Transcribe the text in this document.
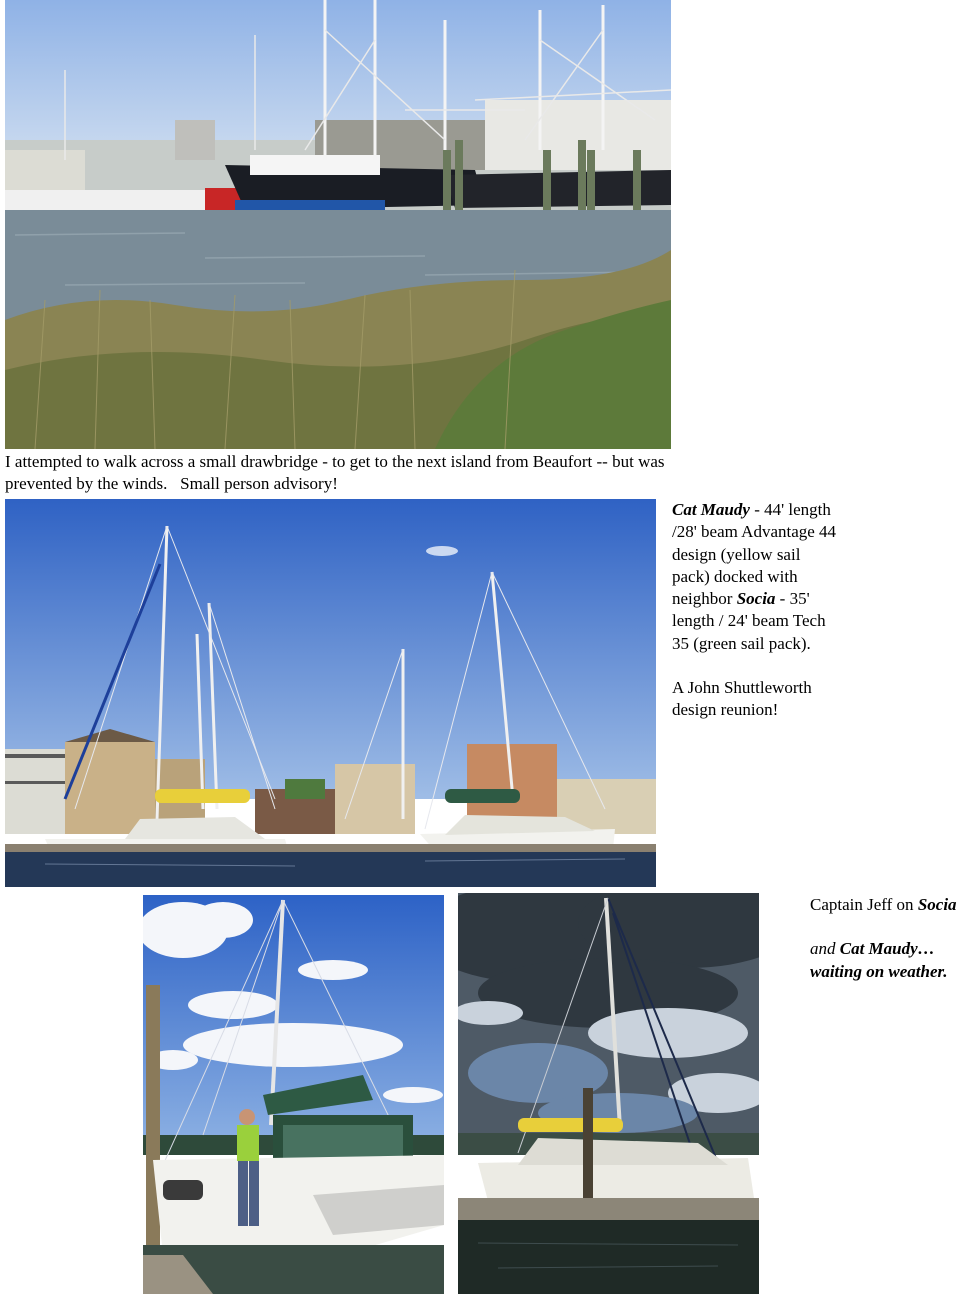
I attempted to walk across a small drawbridge - to get to the next island from Beaufort -- but was
prevented by the winds.   Small person advisory!
Cat Maudy - 44' length /28' beam Advantage 44 design (yellow sail pack) docked with neighbor Socia - 35' length / 24' beam Tech 35 (green sail pack).
A John Shuttleworth design reunion!
Captain Jeff on Socia
and Cat Maudy…waiting on weather.
